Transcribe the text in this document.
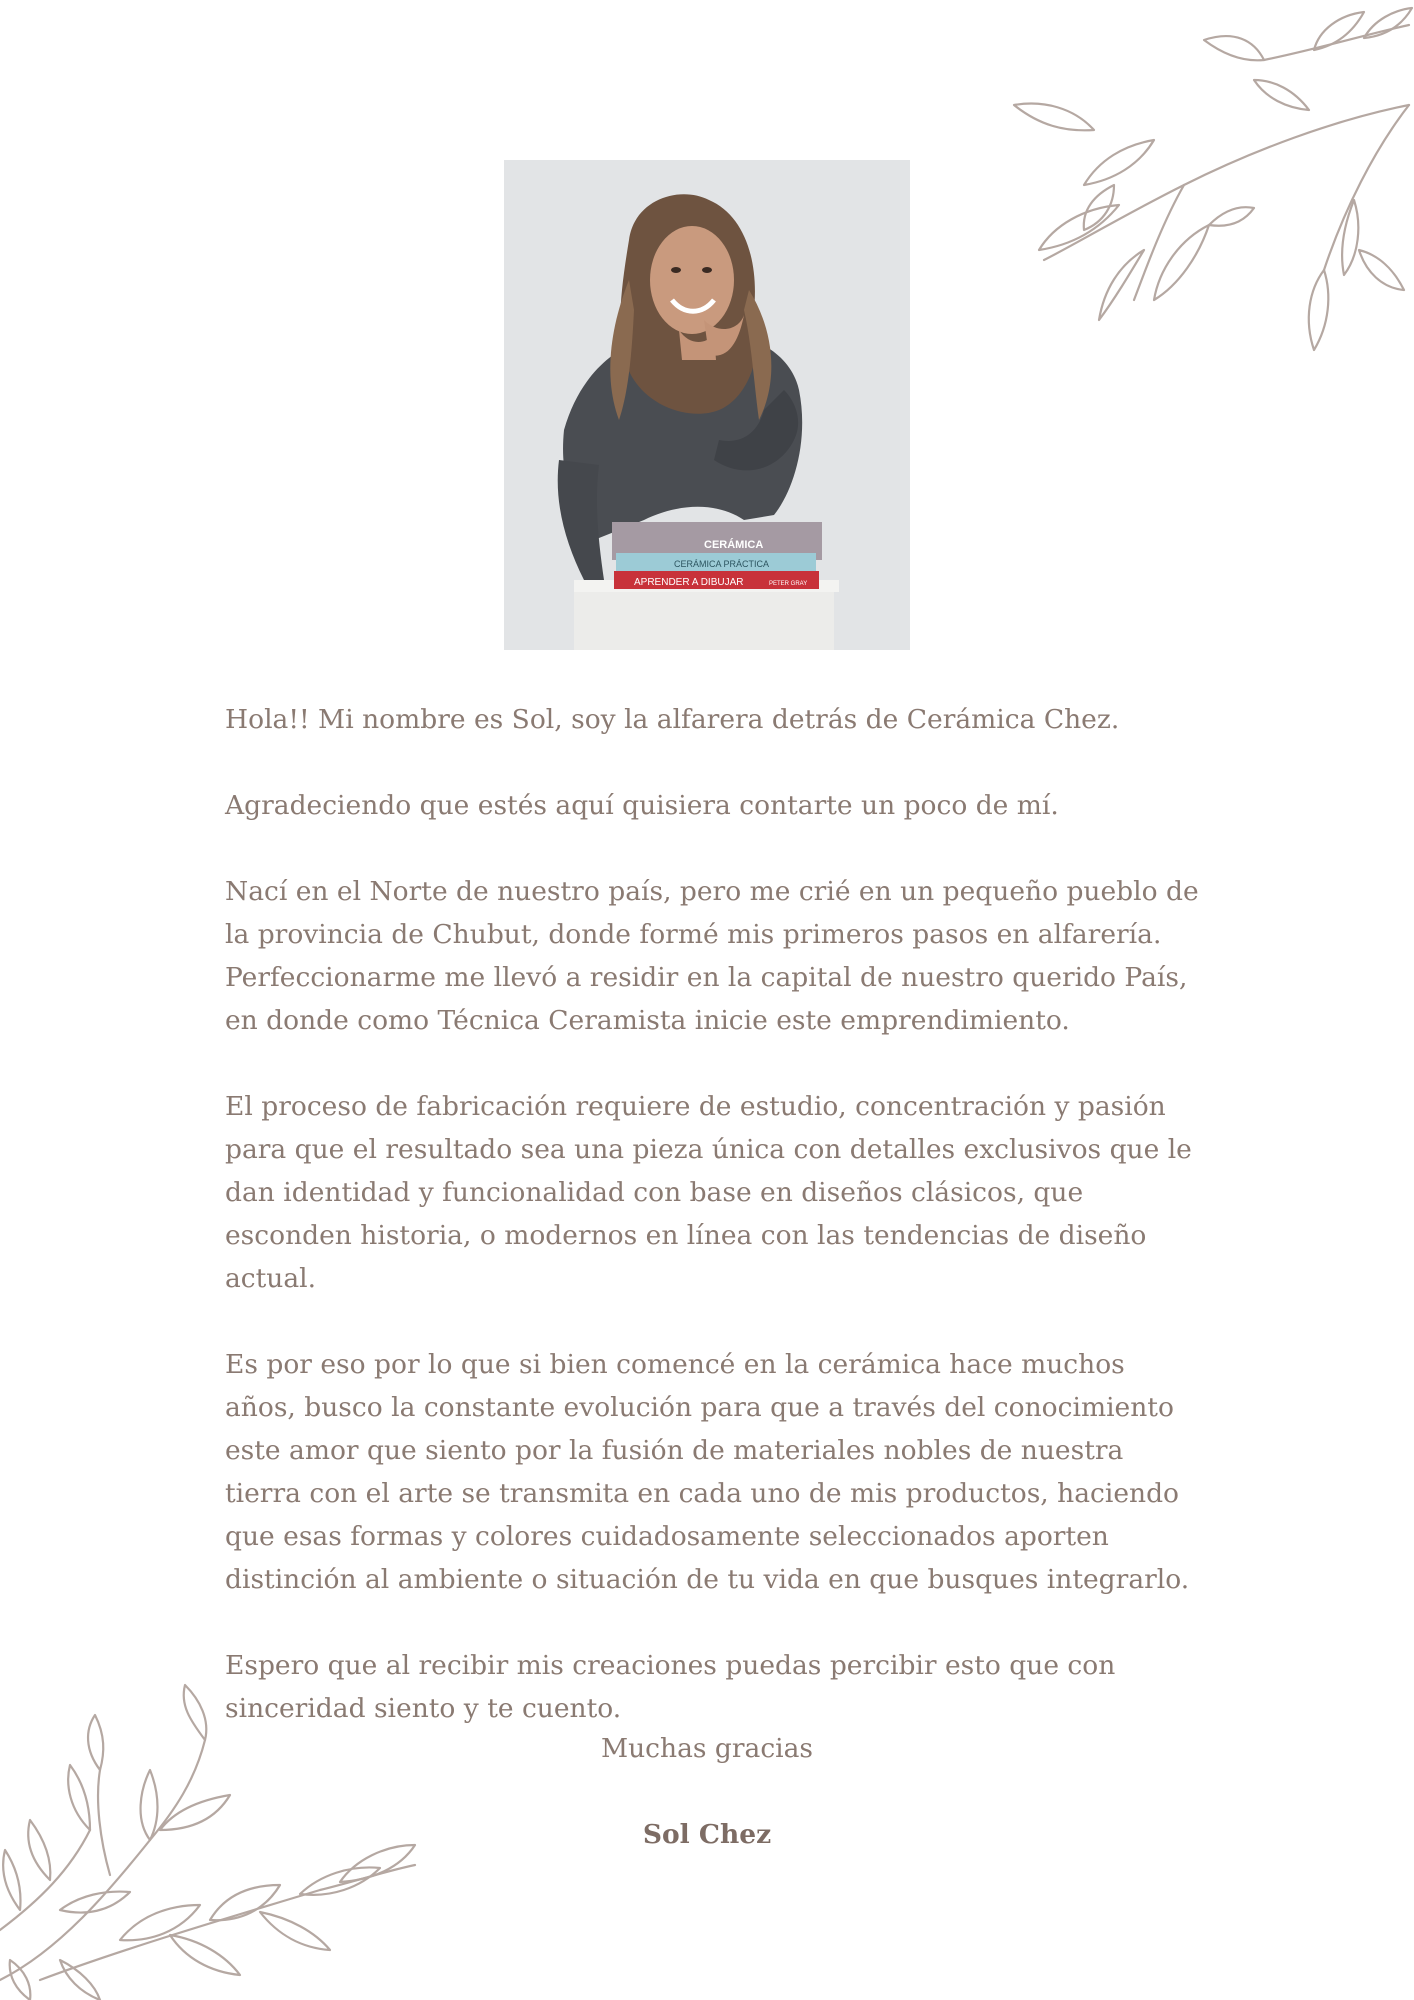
CERÁMICA
CERÁMICA PRÁCTICA
APRENDER A DIBUJAR	PETER GRAY

Hola!! Mi nombre es Sol, soy la alfarera detrás de Cerámica Chez.

Agradeciendo que estés aquí quisiera contarte un poco de mí.

Nací en el Norte de nuestro país, pero me crié en un pequeño pueblo de la provincia de Chubut, donde formé mis primeros pasos en alfarería. Perfeccionarme me llevó a residir en la capital de nuestro querido País, en donde como Técnica Ceramista inicie este emprendimiento.

El proceso de fabricación requiere de estudio, concentración y pasión para que el resultado sea una pieza única con detalles exclusivos que le dan identidad y funcionalidad con base en diseños clásicos, que esconden historia, o modernos en línea con las tendencias de diseño actual.

Es por eso por lo que si bien comencé en la cerámica hace muchos años, busco la constante evolución para que a través del conocimiento este amor que siento por la fusión de materiales nobles de nuestra tierra con el arte se transmita en cada uno de mis productos, haciendo que esas formas y colores cuidadosamente seleccionados aporten distinción al ambiente o situación de tu vida en que busques integrarlo.

Espero que al recibir mis creaciones puedas percibir esto que con sinceridad siento y te cuento.

Muchas gracias
Sol Chez
